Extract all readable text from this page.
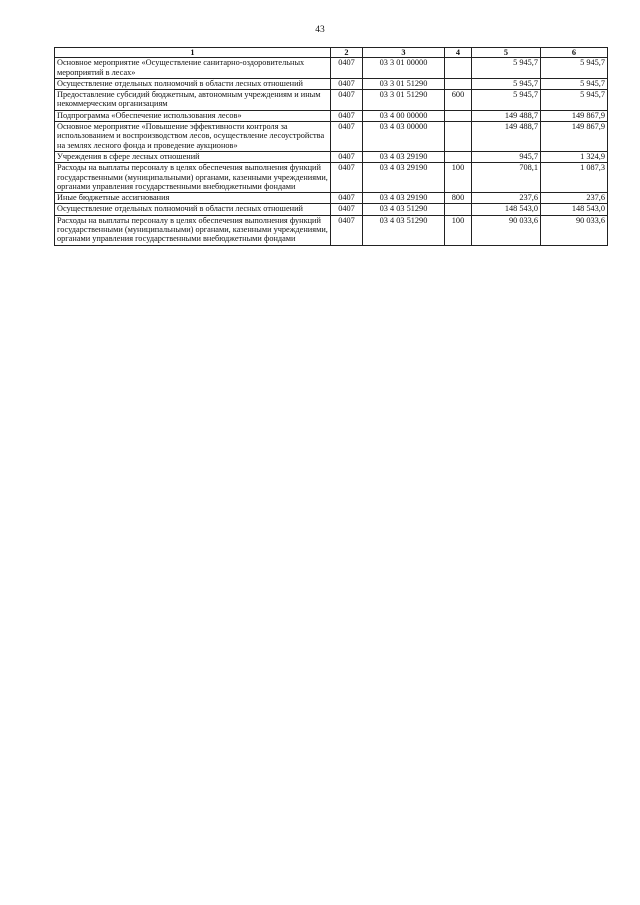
43
1	2	3	4	5	6
Основное мероприятие «Осуществление санитарно-оздоровительных мероприятий в лесах»	0407	03 3 01 00000		5 945,7	5 945,7
Осуществление отдельных полномочий в области лесных отношений	0407	03 3 01 51290		5 945,7	5 945,7
Предоставление субсидий бюджетным, автономным учреждениям и иным некоммерческим организациям	0407	03 3 01 51290	600	5 945,7	5 945,7
Подпрограмма «Обеспечение использования лесов»	0407	03 4 00 00000		149 488,7	149 867,9
Основное мероприятие «Повышение эффективности контроля за использованием и воспроизводством лесов, осуществление лесоустройства на землях лесного фонда и проведение аукционов»	0407	03 4 03 00000		149 488,7	149 867,9
Учреждения в сфере лесных отношений	0407	03 4 03 29190		945,7	1 324,9
Расходы на выплаты персоналу в целях обеспечения выполнения функций государственными (муниципальными) органами, казенными учреждениями, органами управления государственными внебюджетными фондами	0407	03 4 03 29190	100	708,1	1 087,3
Иные бюджетные ассигнования	0407	03 4 03 29190	800	237,6	237,6
Осуществление отдельных полномочий в области лесных отношений	0407	03 4 03 51290		148 543,0	148 543,0
Расходы на выплаты персоналу в целях обеспечения выполнения функций государственными (муниципальными) органами, казенными учреждениями, органами управления государственными внебюджетными фондами	0407	03 4 03 51290	100	90 033,6	90 033,6
